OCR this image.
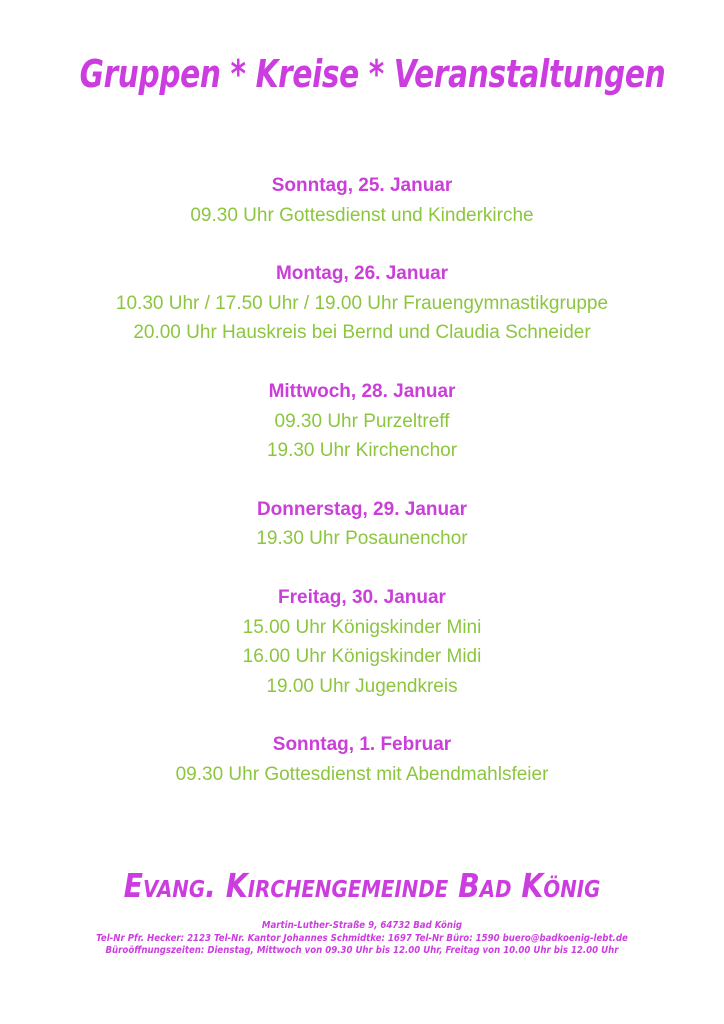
Gruppen * Kreise * Veranstaltungen
Sonntag, 25. Januar
09.30 Uhr Gottesdienst und Kinderkirche
Montag, 26. Januar
10.30 Uhr / 17.50 Uhr / 19.00 Uhr Frauengymnastikgruppe
20.00 Uhr Hauskreis bei Bernd und Claudia Schneider
Mittwoch, 28. Januar
09.30 Uhr Purzeltreff
19.30 Uhr Kirchenchor
Donnerstag, 29. Januar
19.30 Uhr Posaunenchor
Freitag, 30. Januar
15.00 Uhr Königskinder Mini
16.00 Uhr Königskinder Midi
19.00 Uhr Jugendkreis
Sonntag, 1. Februar
09.30 Uhr Gottesdienst mit Abendmahlsfeier
Evang. Kirchengemeinde Bad König
Martin-Luther-Straße 9, 64732 Bad König
Tel-Nr Pfr. Hecker: 2123 Tel-Nr. Kantor Johannes Schmidtke: 1697 Tel-Nr Büro: 1590 buero@badkoenig-lebt.de
Büroöffnungszeiten: Dienstag, Mittwoch von 09.30 Uhr bis 12.00 Uhr, Freitag von 10.00 Uhr bis 12.00 Uhr
